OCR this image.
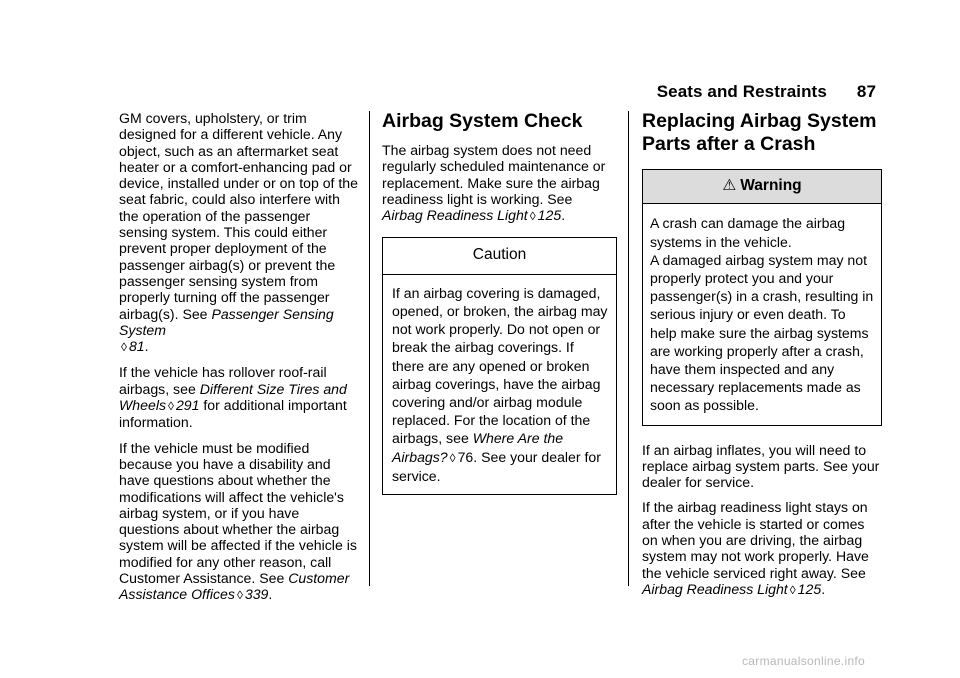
Seats and Restraints 87

GM covers, upholstery, or trim designed for a different vehicle. Any object, such as an aftermarket seat heater or a comfort-enhancing pad or device, installed under or on top of the seat fabric, could also interfere with the operation of the passenger sensing system. This could either prevent proper deployment of the passenger airbag(s) or prevent the passenger sensing system from properly turning off the passenger airbag(s). See Passenger Sensing System
◊ 81.

If the vehicle has rollover roof-rail airbags, see Different Size Tires and Wheels ◊ 291 for additional important information.

If the vehicle must be modified because you have a disability and have questions about whether the modifications will affect the vehicle's airbag system, or if you have questions about whether the airbag system will be affected if the vehicle is modified for any other reason, call Customer Assistance. See Customer Assistance Offices ◊ 339.

Airbag System Check

The airbag system does not need regularly scheduled maintenance or replacement. Make sure the airbag readiness light is working. See Airbag Readiness Light ◊ 125.

Caution
If an airbag covering is damaged, opened, or broken, the airbag may not work properly. Do not open or break the airbag coverings. If there are any opened or broken airbag coverings, have the airbag covering and/or airbag module replaced. For the location of the airbags, see Where Are the Airbags? ◊ 76. See your dealer for service.
Replacing Airbag System Parts after a Crash
⚠ Warning
A crash can damage the airbag systems in the vehicle.
A damaged airbag system may not properly protect you and your passenger(s) in a crash, resulting in serious injury or even death. To help make sure the airbag systems are working properly after a crash, have them inspected and any necessary replacements made as soon as possible.

If an airbag inflates, you will need to replace airbag system parts. See your dealer for service.

If the airbag readiness light stays on after the vehicle is started or comes on when you are driving, the airbag system may not work properly. Have the vehicle serviced right away. See Airbag Readiness Light ◊ 125.

carmanualsonline.info
